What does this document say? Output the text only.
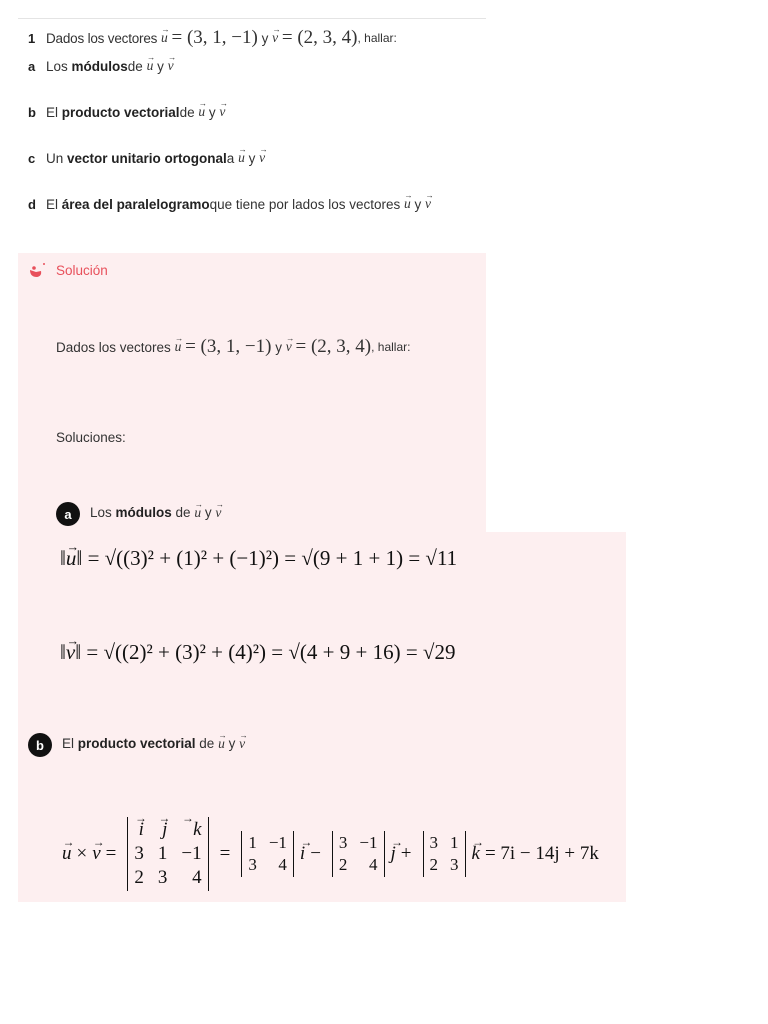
1 Dados los vectores
→ u
= (3, 1, −1)
y
→ v
= (2, 3, 4) , hallar:
a Los
módulos de
→ u
y
→ v
b El
producto vectorial de
→ u
y
→ v
c Un
vector unitario ortogonal a
→ u
y
→ v
d El
área del paralelogramo que tiene por lados los vectores
→ u
y
→ v
Solución
Dados los vectores
→ u
= (3, 1, −1)
y
→ v
= (2, 3, 4) , hallar:
Soluciones:
a	Los módulos de → u y → v
‖→ u‖ = √((3)² + (1)² + (−1)²) = √(9 + 1 + 1) = √11
‖→ v‖ = √((2)² + (3)² + (4)²) = √(4 + 9 + 16) = √29
b	El producto vectorial de → u y → v
→ u × → v =
→ i → j	→ k
3 1 −1
2 3	4
=
1 −1
3	4
→ i −
3 −1
2	4
→ j +
3 1
2 3
→ k = 7i − 14j + 7k
